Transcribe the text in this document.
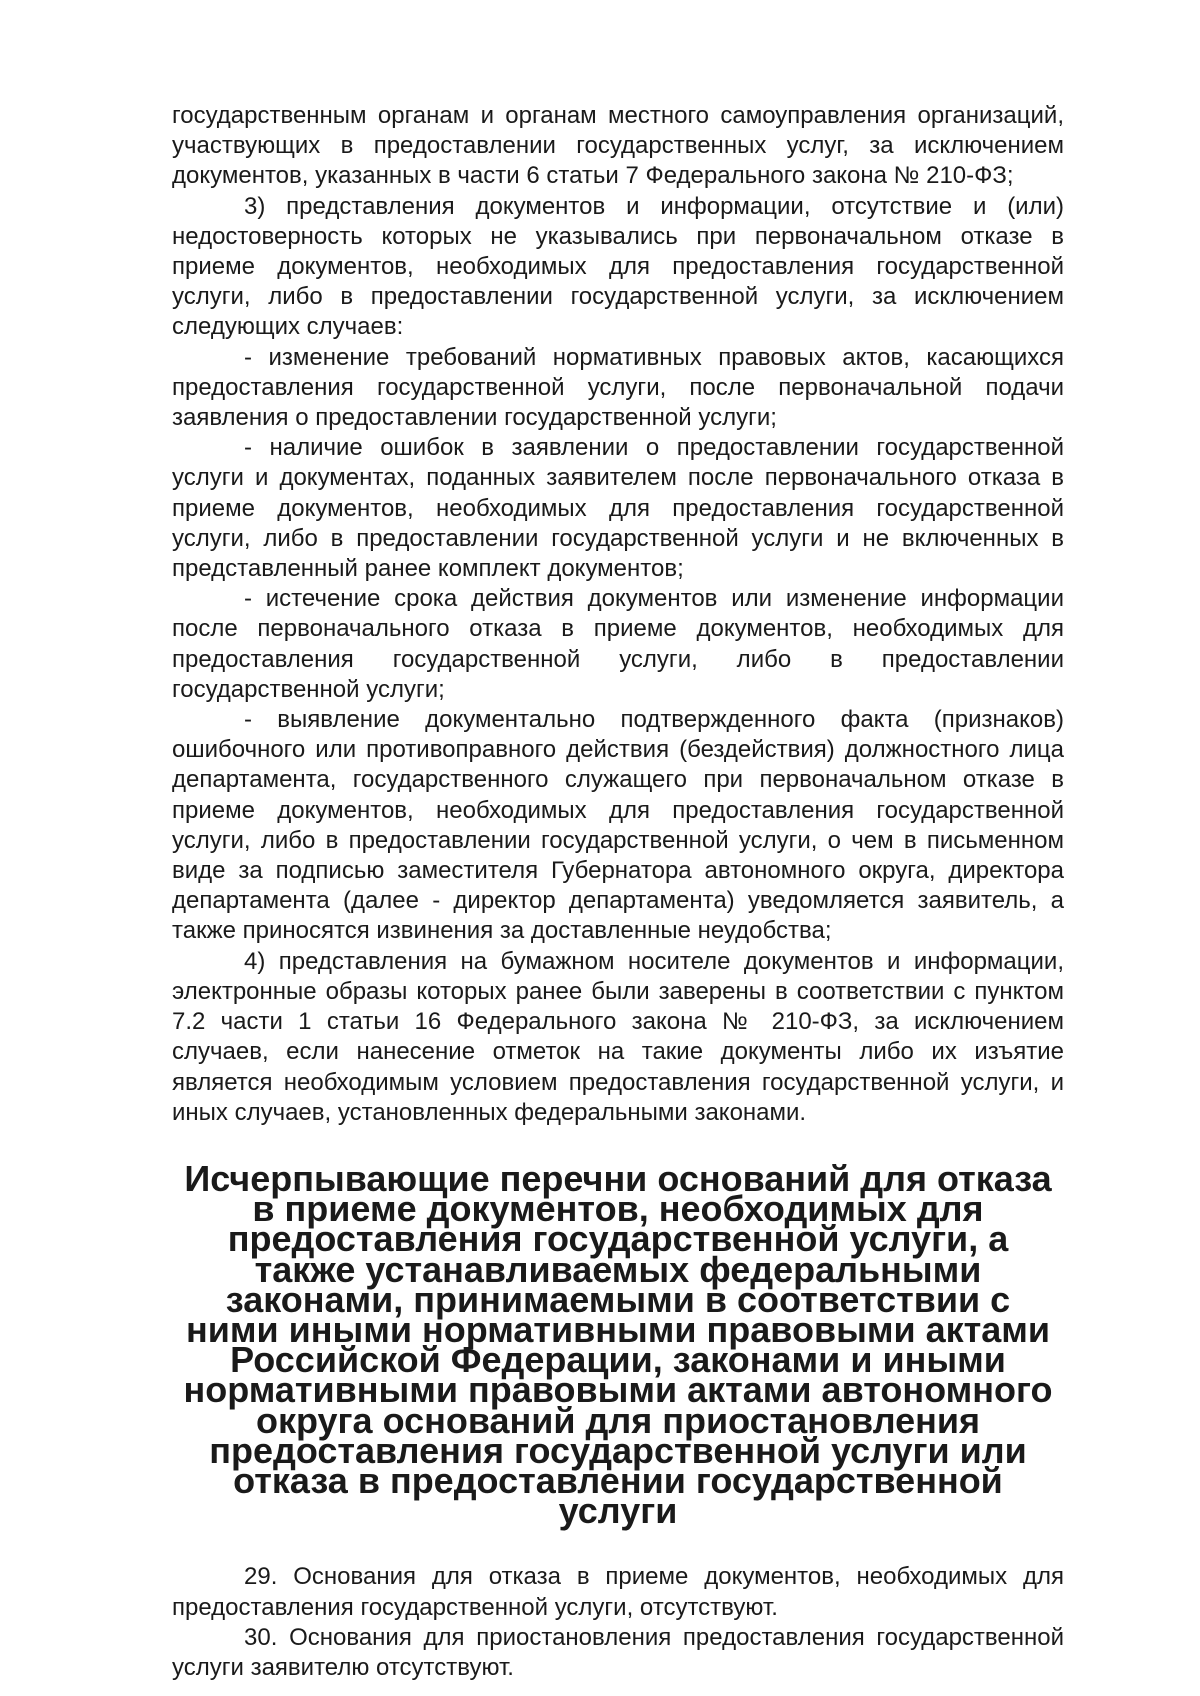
государственным органам и органам местного самоуправления организаций, участвующих в предоставлении государственных услуг, за исключением документов, указанных в части 6 статьи 7 Федерального закона № 210-ФЗ;

3) представления документов и информации, отсутствие и (или) недостоверность которых не указывались при первоначальном отказе в приеме документов, необходимых для предоставления государственной услуги, либо в предоставлении государственной услуги, за исключением следующих случаев:

- изменение требований нормативных правовых актов, касающихся предоставления государственной услуги, после первоначальной подачи заявления о предоставлении государственной услуги;

- наличие ошибок в заявлении о предоставлении государственной услуги и документах, поданных заявителем после первоначального отказа в приеме документов, необходимых для предоставления государственной услуги, либо в предоставлении государственной услуги и не включенных в представленный ранее комплект документов;

- истечение срока действия документов или изменение информации после первоначального отказа в приеме документов, необходимых для предоставления государственной услуги, либо в предоставлении государственной услуги;

- выявление документально подтвержденного факта (признаков) ошибочного или противоправного действия (бездействия) должностного лица департамента, государственного служащего при первоначальном отказе в приеме документов, необходимых для предоставления государственной услуги, либо в предоставлении государственной услуги, о чем в письменном виде за подписью заместителя Губернатора автономного округа, директора департамента (далее - директор департамента) уведомляется заявитель, а также приносятся извинения за доставленные неудобства;

4) представления на бумажном носителе документов и информации, электронные образы которых ранее были заверены в соответствии с пунктом 7.2 части 1 статьи 16 Федерального закона № 210-ФЗ, за исключением случаев, если нанесение отметок на такие документы либо их изъятие является необходимым условием предоставления государственной услуги, и иных случаев, установленных федеральными законами.

Исчерпывающие перечни оснований для отказа в приеме документов, необходимых для предоставления государственной услуги, а также устанавливаемых федеральными законами, принимаемыми в соответствии с ними иными нормативными правовыми актами Российской Федерации, законами и иными нормативными правовыми актами автономного округа оснований для приостановления предоставления государственной услуги или отказа в предоставлении государственной услуги

29. Основания для отказа в приеме документов, необходимых для предоставления государственной услуги, отсутствуют.

30. Основания для приостановления предоставления государственной услуги заявителю отсутствуют.
